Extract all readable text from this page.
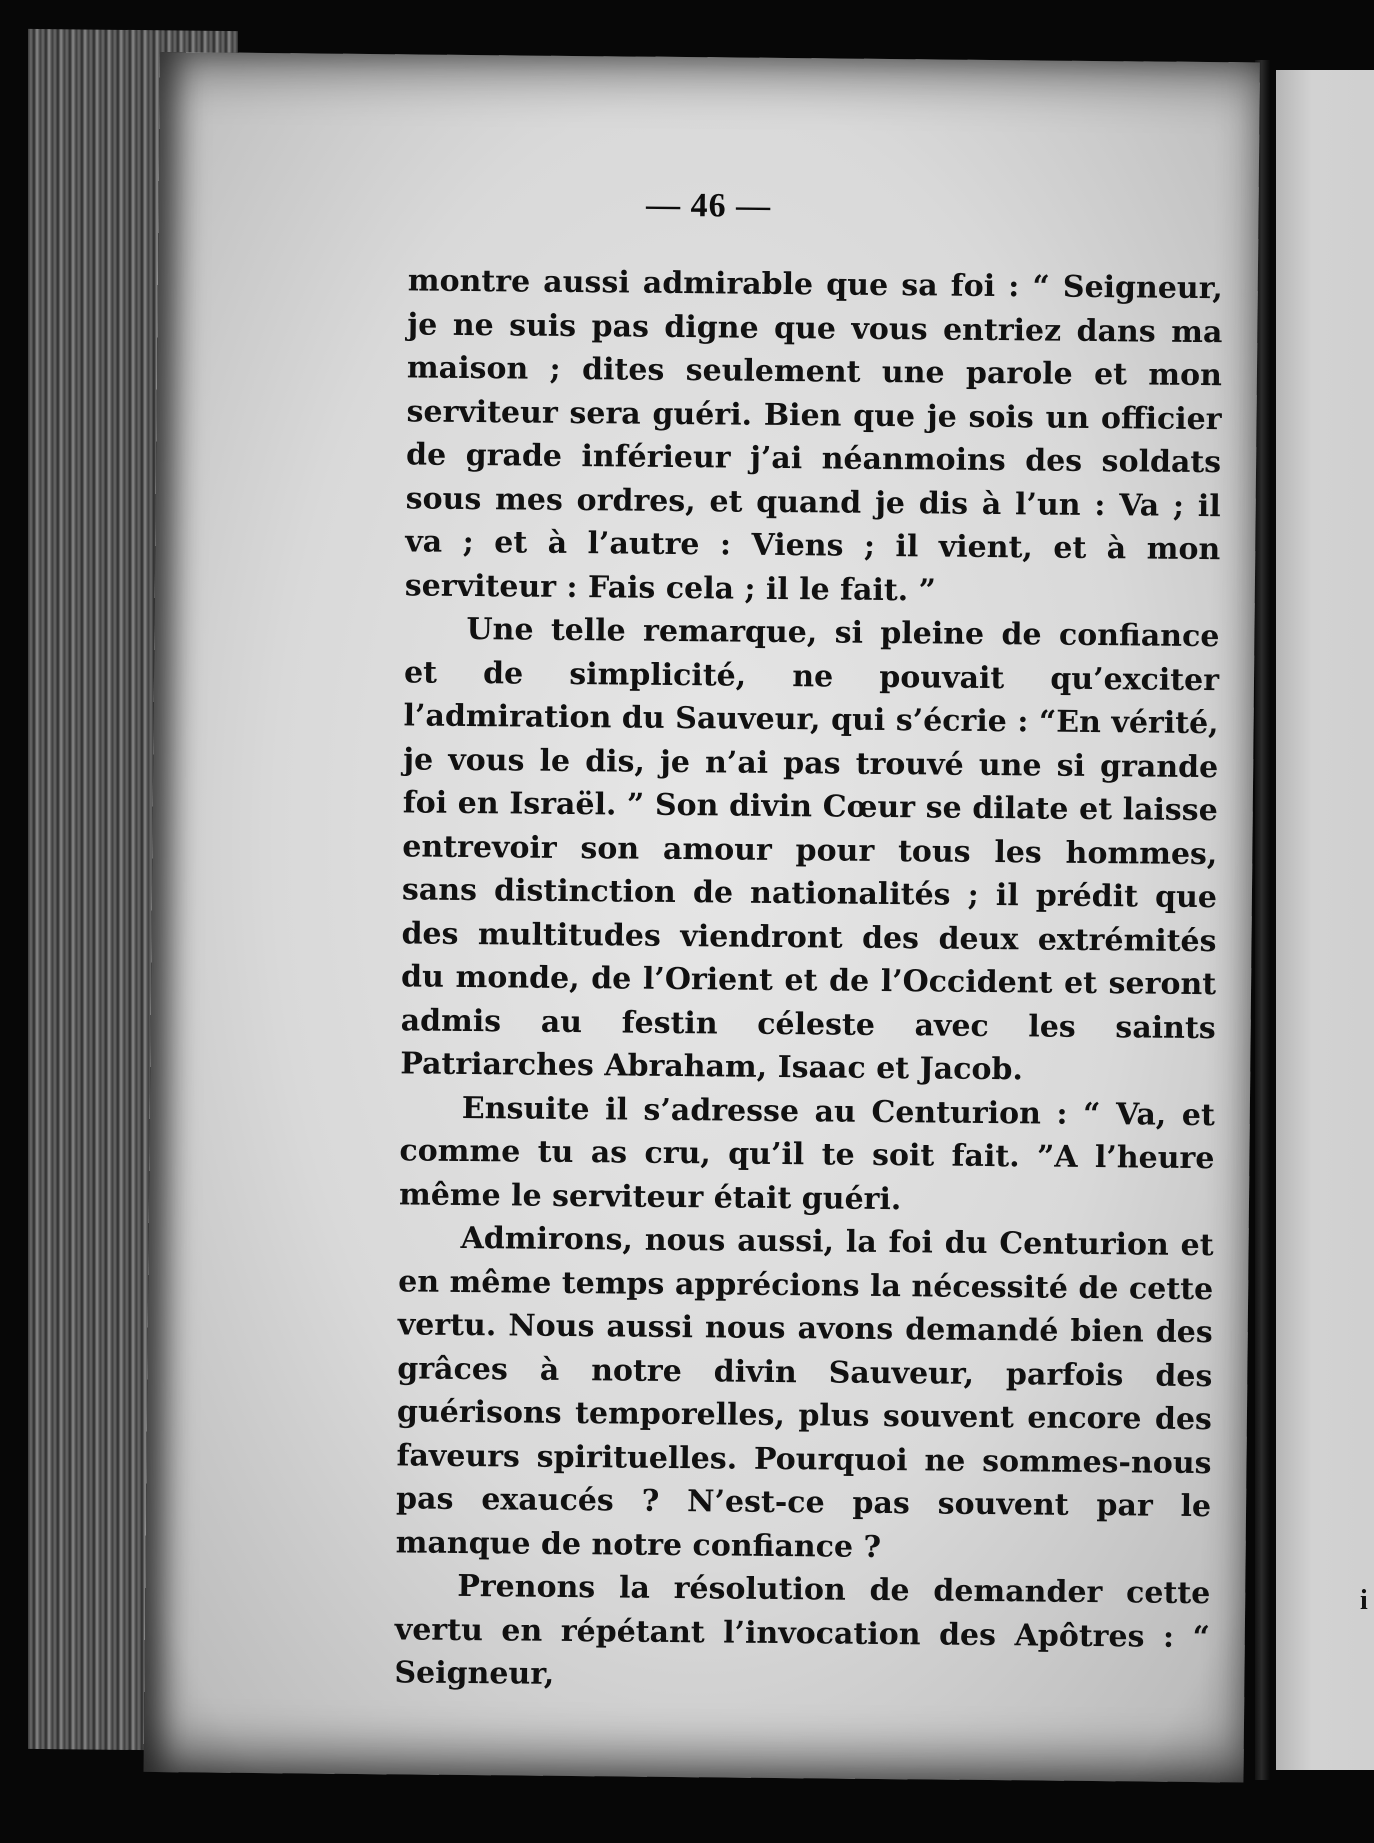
i
— 46 —

montre aussi admirable que sa foi : “ Seigneur, je ne suis pas digne que vous entriez dans ma maison ; dites seulement une parole et mon serviteur sera guéri. Bien que je sois un officier de grade inférieur j’ai néanmoins des soldats sous mes ordres, et quand je dis à l’un : Va ; il va ; et à l’autre : Viens ; il vient, et à mon serviteur : Fais cela ; il le fait. ”

Une telle remarque, si pleine de confiance et de simplicité, ne pouvait qu’exciter l’admiration du Sauveur, qui s’écrie : “En vérité, je vous le dis, je n’ai pas trouvé une si grande foi en Israël. ” Son divin Cœur se dilate et laisse entrevoir son amour pour tous les hommes, sans distinction de nationalités ; il prédit que des multitudes viendront des deux extrémités du monde, de l’Orient et de l’Occident et seront admis au festin céleste avec les saints Patriarches Abraham, Isaac et Jacob.

Ensuite il s’adresse au Centurion : “ Va, et comme tu as cru, qu’il te soit fait. ”A l’heure même le serviteur était guéri.

Admirons, nous aussi, la foi du Centurion et en même temps apprécions la nécessité de cette vertu. Nous aussi nous avons demandé bien des grâces à notre divin Sauveur, parfois des guérisons temporelles, plus souvent encore des faveurs spirituelles. Pourquoi ne sommes-nous pas exaucés ? N’est-ce pas souvent par le manque de notre confiance ?

Prenons la résolution de demander cette vertu en répétant l’invocation des Apôtres : “ Seigneur,
